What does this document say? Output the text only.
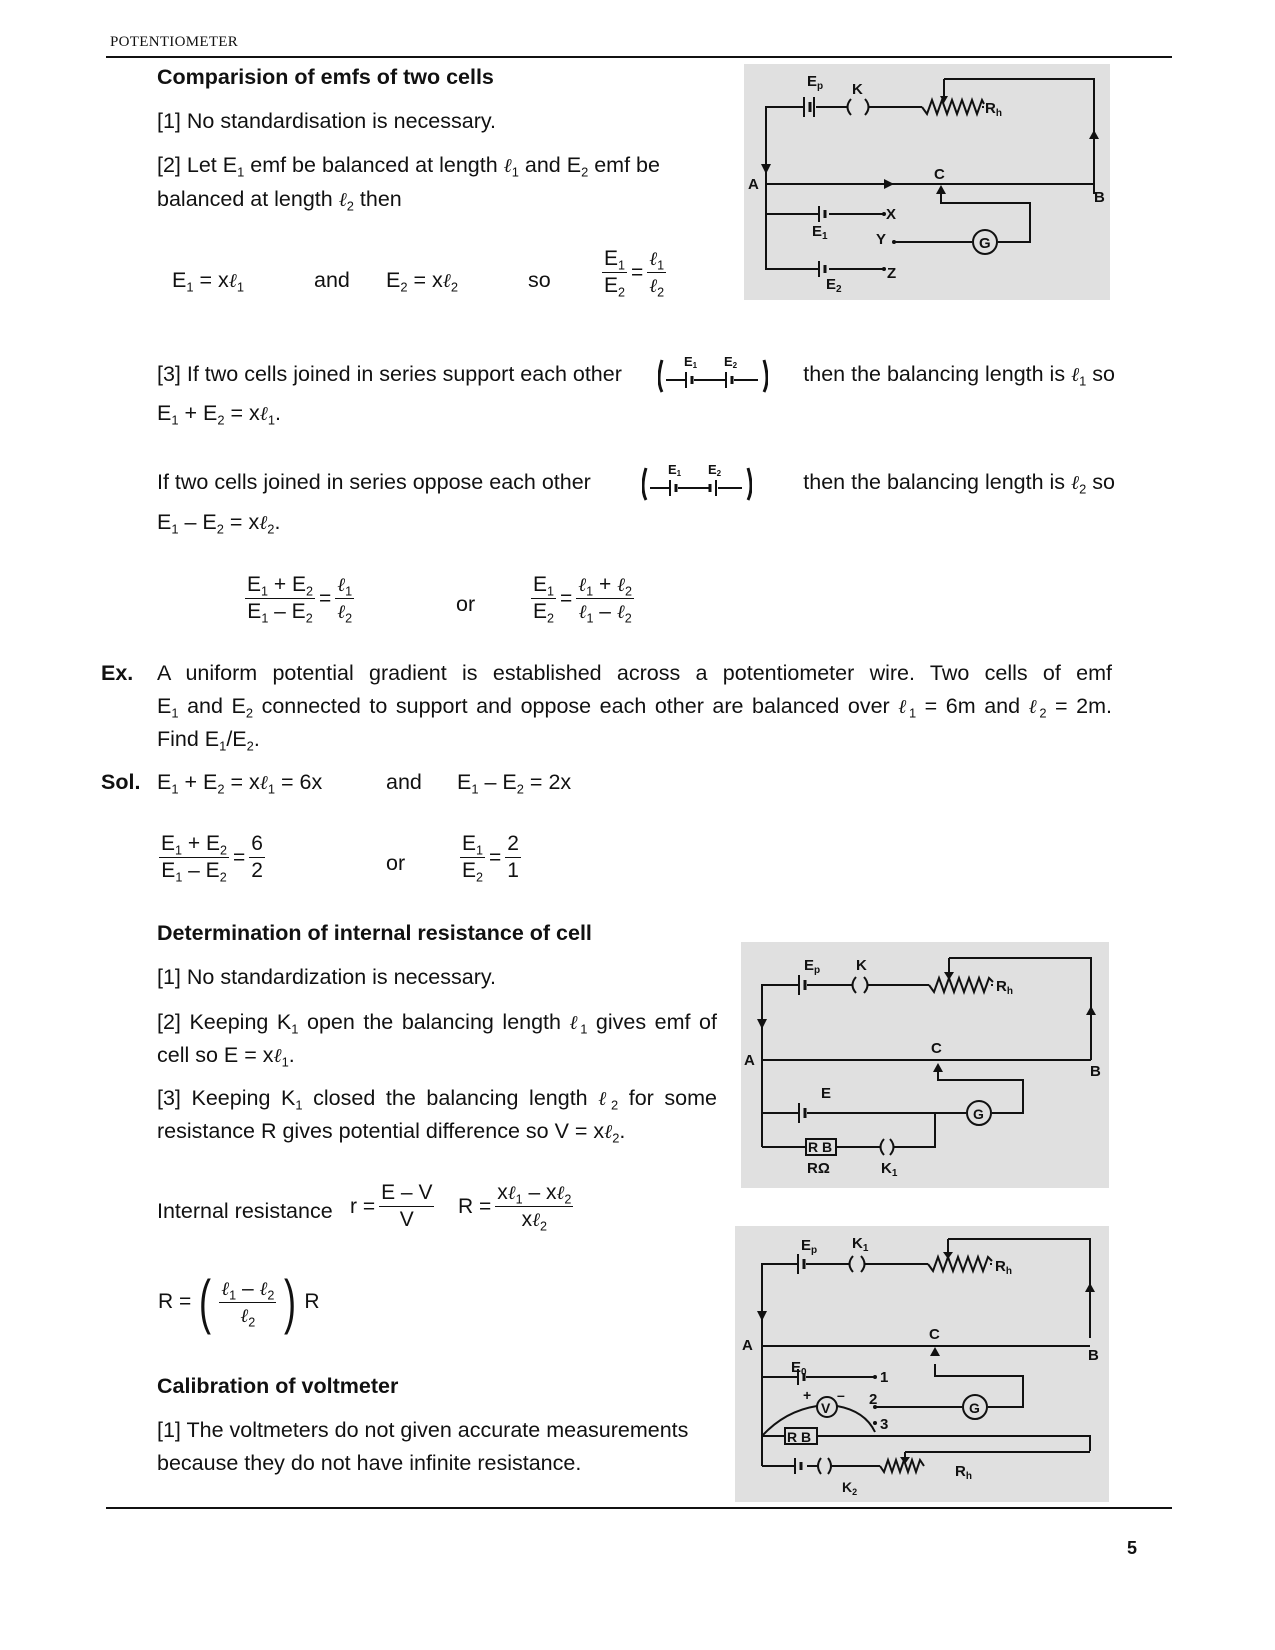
POTENTIOMETER
Comparision of emfs of two cells
[1] No standardisation is necessary.
[2] Let $E_1$ emf be balanced at length ℓ$_1$ and $E_2$ emf be
balanced at length ℓ$_2$ then
$E_1$ = xℓ$_1$	and $E_2$ = xℓ$_2$	so $\frac{E_1}{E_2} = \frac{\ell_1}{\ell_2}$
$E_p$ K
$R_h$
A
B
C
X
$E_1$	Y	G
Z
$E_2$
[3] If two cells joined in series support each other
E1 E2	then the balancing length is ℓ$_1$ so
$E_1 + E_2$ = xℓ$_1$.
If two cells joined in series oppose each other
E1 E2	then the balancing length is ℓ$_2$ so
$E_1 - E_2$ = xℓ$_2$.
$\frac{E_1 + E_2}{E_1 - E_2} = \frac{\ell_1}{\ell_2}$	or	$\frac{E_1}{E_2} = \frac{\ell_1 + \ell_2}{\ell_1 - \ell_2}$
Ex. A uniform potential gradient is established across a potentiometer wire. Two cells of emf
$E_1$ and $E_2$ connected to support and oppose each other are balanced over ℓ$_1$ = 6m and ℓ$_2$ = 2m.
Find $E_1/E_2$.
Sol. $E_1 + E_2$ = xℓ$_1$ = 6x	and $E_1 - E_2 = 2x$
$\frac{E_1 + E_2}{E_1 - E_2} = \frac{6}{2}$	or	$\frac{E_1}{E_2} = \frac{2}{1}$
Determination of internal resistance of cell
[1] No standardization is necessary.
[2] Keeping $K_1$ open the balancing length ℓ$_1$ gives emf of
cell so E = xℓ$_1$.
[3] Keeping $K_1$ closed the balancing length ℓ$_2$ for some
resistance R gives potential difference so V = xℓ$_2$.
Internal resistance $r = \frac{E - V}{V}$ $R = \frac{x\ell_1 - x\ell_2}{x\ell_2}$
R = ( $\frac{\ell_1 - \ell_2}{\ell_2}$ ) R
$E_p$ K
$R_h$
A
B
C
E
G
R B
RΩ	$K_1$
Calibration of voltmeter
[1] The voltmeters do not given accurate measurements
because they do not have infinite resistance.
$E_p$ $K_1$
$R_h$
A
B
C
$E_0$	1
2
3
+
V
–
G
R B
$K_2$
$R_h$
5
